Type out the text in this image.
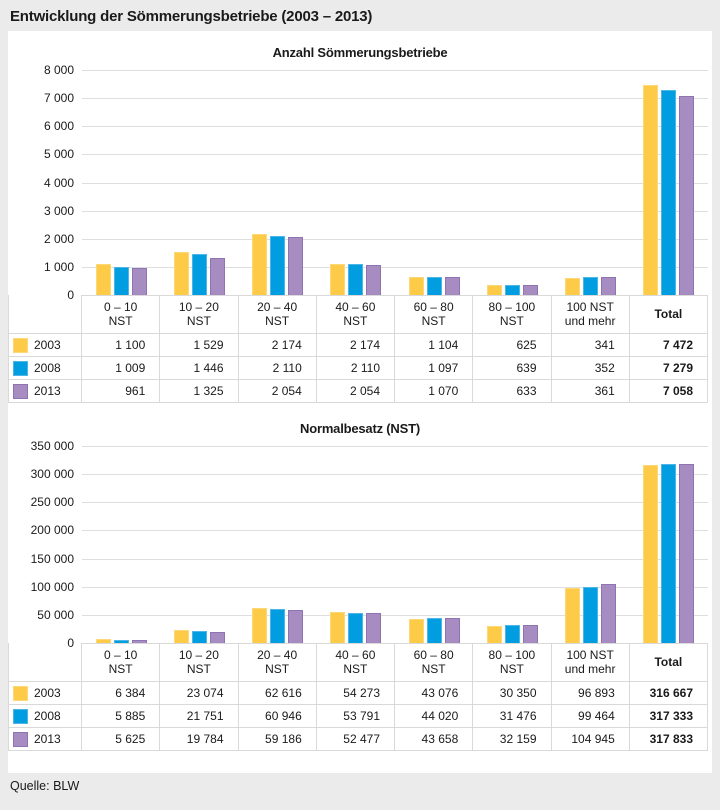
Entwicklung der Sömmerungsbetriebe (2003 – 2013)
Anzahl Sömmerungsbetriebe
8 000
7 000
6 000
5 000
4 000
3 000
2 000
1 000
0
0 – 10
NST
10 – 20
NST
20 – 40
NST
40 – 60
NST
60 – 80
NST
80 – 100
NST
100 NST
und mehr	Total
2003	1 100	1 529	2 174	2 174	1 104	625	341	7 472
2008	1 009	1 446	2 110	2 110	1 097	639	352	7 279
2013	961	1 325	2 054	2 054	1 070	633	361	7 058
Normalbesatz (NST)
350 000
300 000
250 000
200 000
150 000
100 000
50 000
0
0 – 10
NST
10 – 20
NST
20 – 40
NST
40 – 60
NST
60 – 80
NST
80 – 100
NST
100 NST
und mehr	Total
2003	6 384	23 074	62 616	54 273	43 076	30 350	96 893	316 667
2008	5 885	21 751	60 946	53 791	44 020	31 476	99 464	317 333
2013	5 625	19 784	59 186	52 477	43 658	32 159	104 945	317 833
Quelle: BLW
